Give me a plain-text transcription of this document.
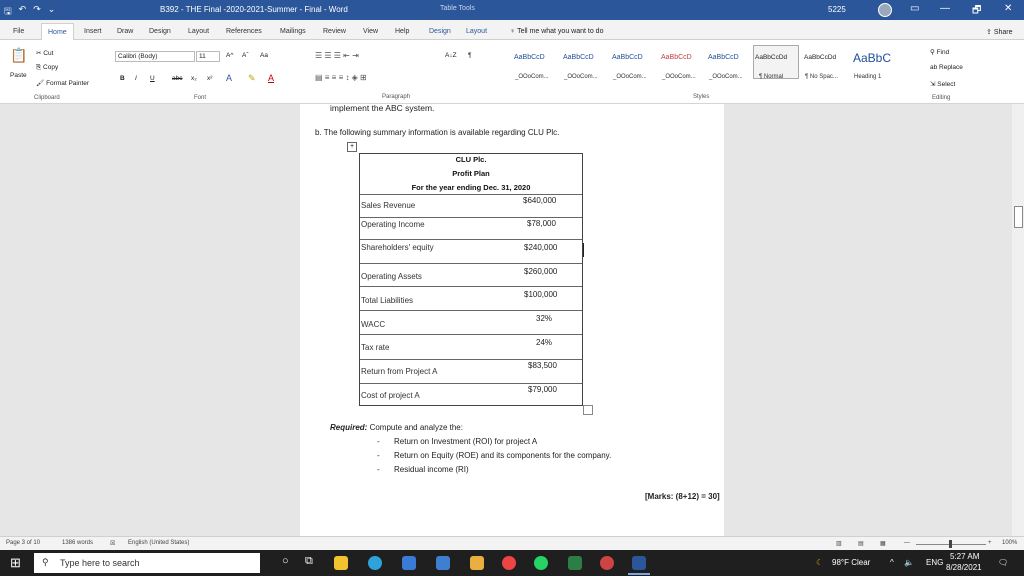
🖫 ↶ ↷ ⌄	B392 - THE Final -2020-2021-Summer - Final - Word	Table Tools	5225	▭ — 🗗 ✕
File	Home	Insert Draw Design Layout References	Mailings Review View Help	Design Layout	♀ Tell me what you want to do	⇪ Share
📋
Paste
✂ Cut
⎘ Copy
🖌 Format Painter
Clipboard
Calibri (Body)	11	A^ Aˇ Aa
B I U	abc x₂ x² A ✎ A
Font
☰ ☰ ☰ ⇤ ⇥	A↓Z ¶
▤ ≡ ≡ ≡ ↕ ◈ ⊞
Paragraph
AaBbCcD
_OOoCom...
AaBbCcD
_OOoCom...
AaBbCcD
_OOoCom...
AaBbCcD
_OOoCom...
AaBbCcD
_OOoCom...
AaBbCcDd
¶ Normal
AaBbCcDd
¶ No Spac...
AaBbC
Heading 1
Styles
⚲ Find
ab Replace
⇲ Select
Editing
implement the ABC system.
b. The following summary information is available regarding CLU Plc.
+
CLU Plc.
Profit Plan
For the year ending Dec. 31, 2020
Sales Revenue
$640,000
Operating Income	$78,000
Shareholders' equity	$240,000
Operating Assets
$260,000
Total Liabilities
$100,000
WACC
32%
Tax rate
24%
Return from Project A
$83,500
Cost of project A
$79,000
Required: Compute and analyze the:
- Return on Investment (ROI) for project A
- Return on Equity (ROE) and its components for the company.
- Residual income (RI)
[Marks: (8+12) = 30]
Page 3 of 10	1386 words	☒ English (United States)	▥	▤	▦	—	+ 100%
⊞ ⚲ Type here to search	○ ⧉	☾ 98°F Clear ^ 🔈 ENG
5:27 AM
8/28/2021
🗨
